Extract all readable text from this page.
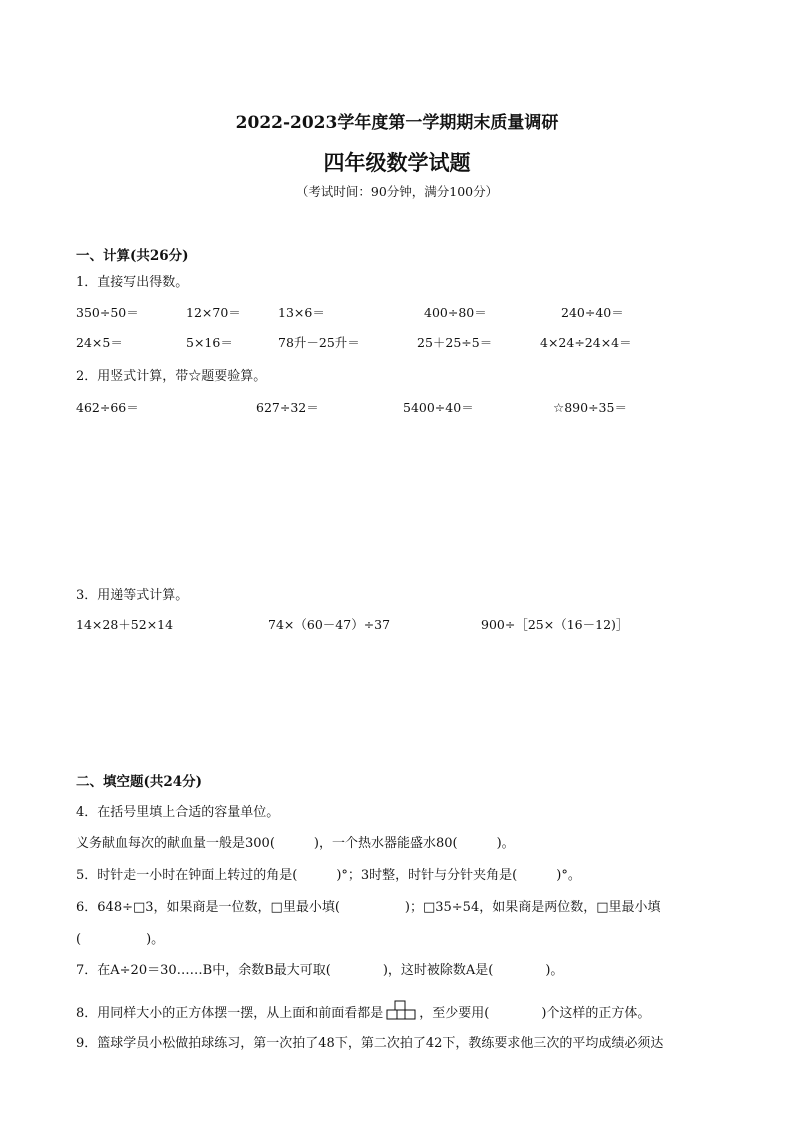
2022-2023学年度第一学期期末质量调研
四年级数学试题
（考试时间：90分钟，满分100分）
一、计算(共26分)
1．直接写出得数。
350÷50＝	12×70＝	13×6＝	400÷80＝	240÷40＝
24×5＝	5×16＝	78升－25升＝	25＋25÷5＝	4×24÷24×4＝
2．用竖式计算，带☆题要验算。
462÷66＝	627÷32＝	5400÷40＝	☆890÷35＝
3．用递等式计算。
14×28＋52×14	74×（60－47）÷37	900÷［25×（16－12)］
二、填空题(共24分)
4．在括号里填上合适的容量单位。
义务献血每次的献血量一般是300(　　　)，一个热水器能盛水80(　　　)。
5．时针走一小时在钟面上转过的角是(　　　)°；3时整，时针与分针夹角是(　　　)°。
6．648÷□3，如果商是一位数，□里最小填(　　　　　)；□35÷54，如果商是两位数，□里最小填
(　　　　　)。
7．在A÷20＝30……B中，余数B最大可取(　　　　)，这时被除数A是(　　　　)。
8．用同样大小的正方体摆一摆，从上面和前面看都是	，至少要用(　　　　)个这样的正方体。
9．篮球学员小松做拍球练习，第一次拍了48下，第二次拍了42下，教练要求他三次的平均成绩必须达
